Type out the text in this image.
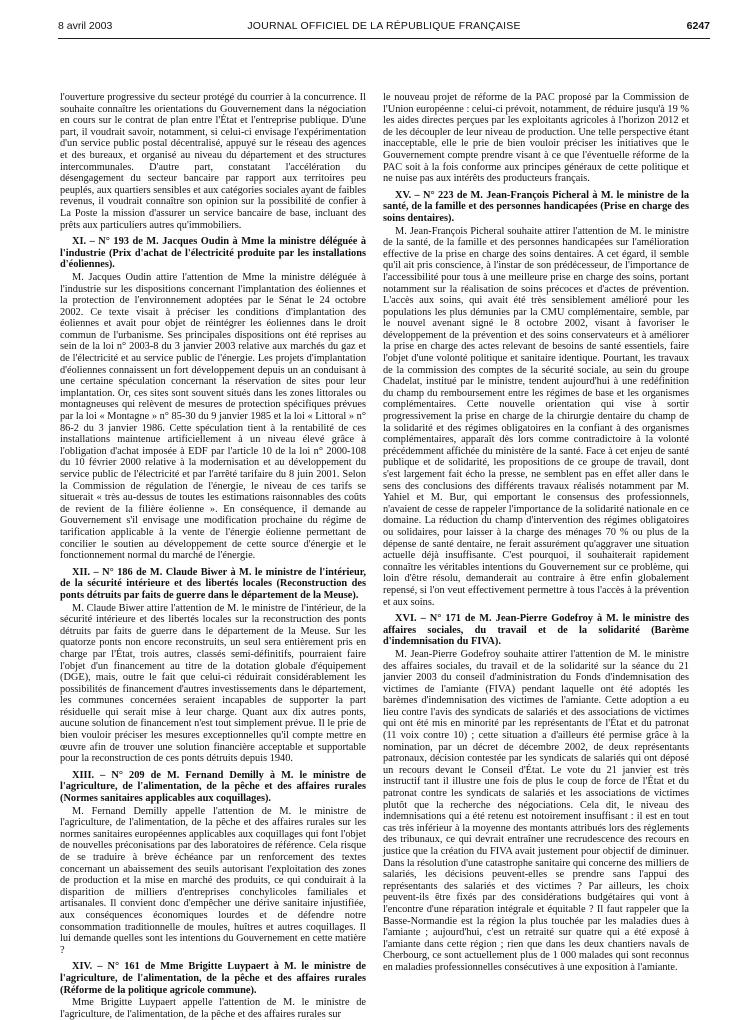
8 avril 2003	JOURNAL OFFICIEL DE LA RÉPUBLIQUE FRANÇAISE	6247

l'ouverture progressive du secteur protégé du courrier à la concurrence. Il souhaite connaître les orientations du Gouvernement dans la négociation en cours sur le contrat de plan entre l'État et l'entreprise publique. D'une part, il voudrait savoir, notamment, si celui-ci envisage l'expérimentation d'un service public postal décentralisé, appuyé sur le réseau des agences et des bureaux, et organisé au niveau du département et des structures intercommunales. D'autre part, constatant l'accélération du désengagement du secteur bancaire par rapport aux territoires peu peuplés, aux quartiers sensibles et aux catégories sociales ayant de faibles revenus, il voudrait connaître son opinion sur la possibilité de confier à La Poste la mission d'assurer un service bancaire de base, incluant des prêts aux particuliers autres qu'immobiliers.

XI. – N° 193 de M. Jacques Oudin à Mme la ministre déléguée à l'industrie (Prix d'achat de l'électricité produite par les installations d'éoliennes).

M. Jacques Oudin attire l'attention de Mme la ministre déléguée à l'industrie sur les dispositions concernant l'implantation des éoliennes et la protection de l'environnement adoptées par le Sénat le 24 octobre 2002. Ce texte visait à préciser les conditions d'implantation des éoliennes et avait pour objet de réintégrer les éoliennes dans le droit commun de l'urbanisme. Ses principales dispositions ont été reprises au sein de la loi n° 2003-8 du 3 janvier 2003 relative aux marchés du gaz et de l'électricité et au service public de l'énergie. Les projets d'implantation d'éoliennes connaissent un fort développement depuis un an conduisant à une certaine spéculation concernant la réservation de sites pour leur implantation. Or, ces sites sont souvent situés dans les zones littorales ou montagneuses qui relèvent de mesures de protection spécifiques prévues par la loi « Montagne » n° 85-30 du 9 janvier 1985 et la loi « Littoral » n° 86-2 du 3 janvier 1986. Cette spéculation tient à la rentabilité de ces installations maintenue artificiellement à un niveau élevé grâce à l'obligation d'achat imposée à EDF par l'article 10 de la loi n° 2000-108 du 10 février 2000 relative à la modernisation et au développement du service public de l'électricité et par l'arrêté tarifaire du 8 juin 2001. Selon la Commission de régulation de l'énergie, le niveau de ces tarifs se situerait « très au-dessus de toutes les estimations raisonnables des coûts de revient de la filière éolienne ». En conséquence, il demande au Gouvernement s'il envisage une modification prochaine du régime de tarification applicable à la vente de l'énergie éolienne permettant de concilier le soutien au développement de cette source d'énergie et le fonctionnement normal du marché de l'énergie.

XII. – N° 186 de M. Claude Biwer à M. le ministre de l'intérieur, de la sécurité intérieure et des libertés locales (Reconstruction des ponts détruits par faits de guerre dans le département de la Meuse).

M. Claude Biwer attire l'attention de M. le ministre de l'intérieur, de la sécurité intérieure et des libertés locales sur la reconstruction des ponts détruits par faits de guerre dans le département de la Meuse. Sur les quatorze ponts non encore reconstruits, un seul sera entièrement pris en charge par l'État, trois autres, classés semi-définitifs, pourraient faire l'objet d'un financement au titre de la dotation globale d'équipement (DGE), mais, outre le fait que celui-ci réduirait considérablement les possibilités de financement d'autres investissements dans le département, les communes concernées seraient incapables de supporter la part résiduelle qui serait mise à leur charge. Quant aux dix autres ponts, aucune solution de financement n'est tout simplement prévue. Il le prie de bien vouloir préciser les mesures exceptionnelles qu'il compte mettre en œuvre afin de trouver une solution financière acceptable et supportable pour la reconstruction de ces ponts détruits depuis 1940.

XIII. – N° 209 de M. Fernand Demilly à M. le ministre de l'agriculture, de l'alimentation, de la pêche et des affaires rurales (Normes sanitaires applicables aux coquillages).

M. Fernand Demilly appelle l'attention de M. le ministre de l'agriculture, de l'alimentation, de la pêche et des affaires rurales sur les normes sanitaires européennes applicables aux coquillages qui font l'objet de nouvelles préconisations par des laboratoires de référence. Cela risque de se traduire à brève échéance par un renforcement des textes concernant un abaissement des seuils autorisant l'exploitation des zones de production et la mise en marché des produits, ce qui conduirait à la disparition de milliers d'entreprises conchylicoles familiales et artisanales. Il convient donc d'empêcher une dérive sanitaire injustifiée, aux conséquences économiques lourdes et de défendre notre consommation traditionnelle de moules, huîtres et autres coquillages. Il lui demande quelles sont les intentions du Gouvernement en cette matière ?

XIV. – N° 161 de Mme Brigitte Luypaert à M. le ministre de l'agriculture, de l'alimentation, de la pêche et des affaires rurales (Réforme de la politique agricole commune).

Mme Brigitte Luypaert appelle l'attention de M. le ministre de l'agriculture, de l'alimentation, de la pêche et des affaires rurales sur

le nouveau projet de réforme de la PAC proposé par la Commission de l'Union européenne : celui-ci prévoit, notamment, de réduire jusqu'à 19 % les aides directes perçues par les exploitants agricoles à l'horizon 2012 et de les découpler de leur niveau de production. Une telle perspective étant inacceptable, elle le prie de bien vouloir préciser les initiatives que le Gouvernement compte prendre visant à ce que l'éventuelle réforme de la PAC soit à la fois conforme aux principes généraux de cette politique et ne nuise pas aux intérêts des producteurs français.

XV. – N° 223 de M. Jean-François Picheral à M. le ministre de la santé, de la famille et des personnes handicapées (Prise en charge des soins dentaires).

M. Jean-François Picheral souhaite attirer l'attention de M. le ministre de la santé, de la famille et des personnes handicapées sur l'amélioration effective de la prise en charge des soins dentaires. A cet égard, il semble qu'il ait pris conscience, à l'instar de son prédécesseur, de l'importance de l'accessibilité pour tous à une meilleure prise en charge des soins, portant notamment sur la réalisation de soins précoces et d'actes de prévention. L'accès aux soins, qui avait été très sensiblement amélioré pour les populations les plus démunies par la CMU complémentaire, semble, par le nouvel avenant signé le 8 octobre 2002, visant à favoriser le développement de la prévention et des soins conservateurs et à améliorer la prise en charge des actes relevant de besoins de santé essentiels, faire l'objet d'une volonté politique et sanitaire identique. Pourtant, les travaux de la commission des comptes de la sécurité sociale, au sein du groupe Chadelat, institué par le ministre, tendent aujourd'hui à une redéfinition du champ du remboursement entre les régimes de base et les organismes complémentaires. Cette nouvelle orientation qui vise à sortir progressivement la prise en charge de la chirurgie dentaire du champ de la solidarité et des régimes obligatoires en la confiant à des organismes complémentaires, apparaît dès lors comme contradictoire à la volonté précédemment affichée du ministère de la santé. Face à cet enjeu de santé publique et de solidarité, les propositions de ce groupe de travail, dont s'est largement fait écho la presse, ne semblent pas en effet aller dans le sens des conclusions des différents travaux réalisés notamment par M. Yahiel et M. Bur, qui emportant le consensus des professionnels, n'avaient de cesse de rappeler l'importance de la solidarité nationale en ce domaine. La réduction du champ d'intervention des régimes obligatoires ou solidaires, pour laisser à la charge des ménages 70 % ou plus de la dépense de santé dentaire, ne ferait assurément qu'aggraver une situation actuelle déjà insuffisante. C'est pourquoi, il souhaiterait rapidement connaître les véritables intentions du Gouvernement sur ce problème, qui loin d'être résolu, demanderait au contraire à être enfin globalement repensé, si l'on veut effectivement permettre à tous l'accès à la prévention et aux soins.

XVI. – N° 171 de M. Jean-Pierre Godefroy à M. le ministre des affaires sociales, du travail et de la solidarité (Barème d'indemnisation du FIVA).

M. Jean-Pierre Godefroy souhaite attirer l'attention de M. le ministre des affaires sociales, du travail et de la solidarité sur la séance du 21 janvier 2003 du conseil d'administration du Fonds d'indemnisation des victimes de l'amiante (FIVA) pendant laquelle ont été adoptés les barèmes d'indemnisation des victimes de l'amiante. Cette adoption a eu lieu contre l'avis des syndicats de salariés et des associations de victimes qui ont été mis en minorité par les représentants de l'État et du patronat (11 voix contre 10) ; cette situation a d'ailleurs été permise grâce à la nomination, par un décret de décembre 2002, de deux représentants patronaux, décision contestée par les syndicats de salariés qui ont déposé un recours devant le Conseil d'État. Le vote du 21 janvier est très instructif tant il illustre une fois de plus le coup de force de l'État et du patronat contre les syndicats de salariés et les associations de victimes plutôt que la recherche des négociations. Cela dit, le niveau des indemnisations qui a été retenu est notoirement insuffisant : il est en tout cas très inférieur à la moyenne des montants attribués lors des règlements des tribunaux, ce qui devrait entraîner une recrudescence des recours en justice que la création du FIVA avait justement pour objectif de diminuer. Dans la résolution d'une catastrophe sanitaire qui concerne des milliers de salariés, les décisions peuvent-elles se prendre sans l'appui des représentants des salariés et des victimes ? Par ailleurs, les choix peuvent-ils être fixés par des considérations budgétaires qui vont à l'encontre d'une réparation intégrale et équitable ? Il faut rappeler que la Basse-Normandie est la région la plus touchée par les maladies dues à l'amiante ; aujourd'hui, c'est un retraité sur quatre qui a été exposé à l'amiante dans cette région ; rien que dans les deux chantiers navals de Cherbourg, ce sont actuellement plus de 1 000 malades qui sont reconnus en maladies professionnelles consécutives à une exposition à l'amiante.
